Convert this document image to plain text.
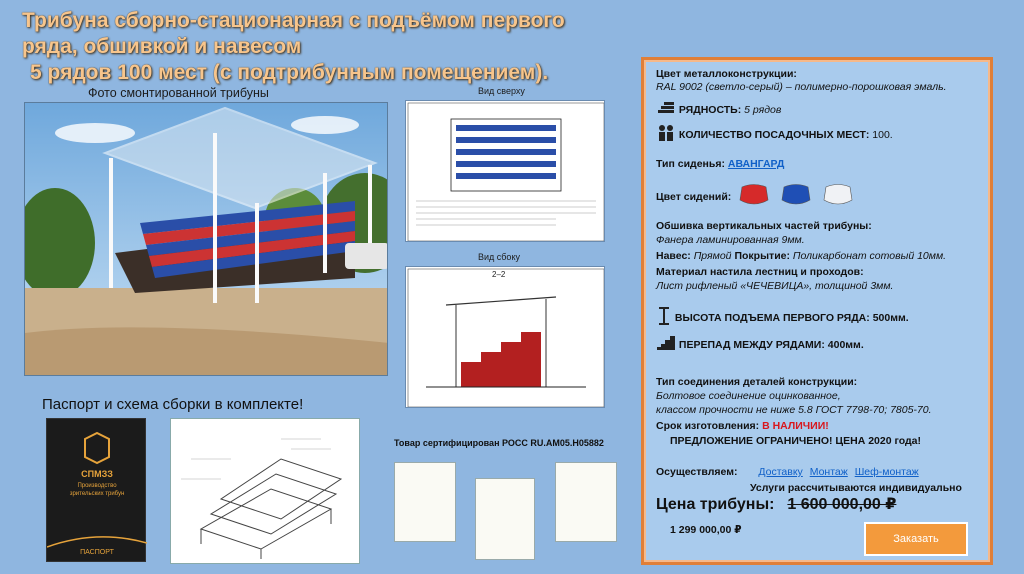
Трибуна сборно-стационарная с подъёмом первого ряда, обшивкой и навесом
5 рядов 100 мест (с подтрибунным помещением).
Фото смонтированной трибуны	Вид сверху
Вид сбоку
2–2
Паспорт и схема сборки в комплекте!
СПМЗЗ
Производство
зрительских трибун
ПАСПОРТ
Товар сертифицирован РОСС RU.АМ05.Н05882
Цвет металлоконструкции:
RAL 9002 (светло-серый) – полимерно-порошковая эмаль.
РЯДНОСТЬ: 5 рядов
КОЛИЧЕСТВО ПОСАДОЧНЫХ МЕСТ: 100.
Тип сиденья: АВАНГАРД
Цвет сидений:
Обшивка вертикальных частей трибуны:
Фанера ламинированная 9мм.
Навес: Прямой Покрытие: Поликарбонат сотовый 10мм.
Материал настила лестниц и проходов:
Лист рифленый «ЧЕЧЕВИЦА», толщиной 3мм.
ВЫСОТА ПОДЪЕМА ПЕРВОГО РЯДА: 500мм.
ПЕРЕПАД МЕЖДУ РЯДАМИ: 400мм.
Тип соединения деталей конструкции:
Болтовое соединение оцинкованное,
классом прочности не ниже 5.8 ГОСТ 7798-70; 7805-70.
Срок изготовления: В НАЛИЧИИ!
ПРЕДЛОЖЕНИЕ ОГРАНИЧЕНО! ЦЕНА 2020 года!
Осуществляем: Доставку Монтаж Шеф-монтаж
Услуги рассчитываются индивидуально
Цена трибуны: 1 600 000,00 ₽
1 299 000,00 ₽
Заказать
